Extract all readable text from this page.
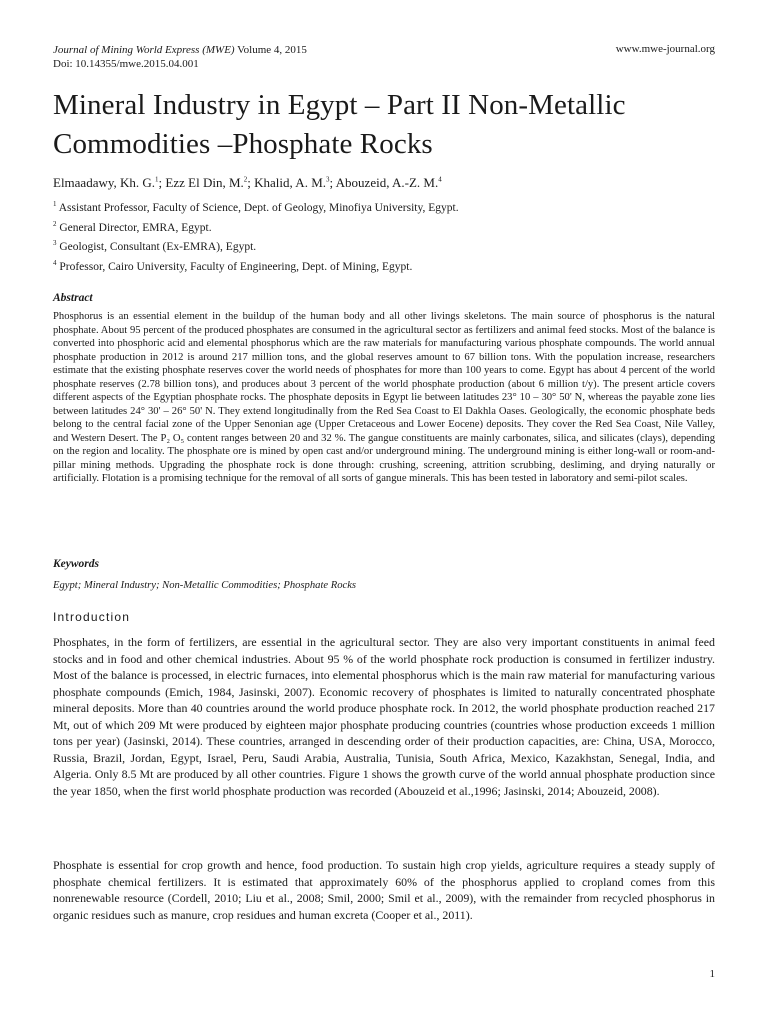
Journal of Mining World Express (MWE) Volume 4, 2015
Doi: 10.14355/mwe.2015.04.001
www.mwe-journal.org
Mineral Industry in Egypt – Part II Non-Metallic Commodities –Phosphate Rocks
Elmaadawy, Kh. G.$^1$; Ezz El Din, M.$^2$; Khalid, A. M.$^3$; Abouzeid, A.-Z. M.$^4$
$^1$ Assistant Professor, Faculty of Science, Dept. of Geology, Minofiya University, Egypt.
$^2$ General Director, EMRA, Egypt.
$^3$ Geologist, Consultant (Ex-EMRA), Egypt.
$^4$ Professor, Cairo University, Faculty of Engineering, Dept. of Mining, Egypt.
Abstract

Phosphorus is an essential element in the buildup of the human body and all other livings skeletons. The main source of phosphorus is the natural phosphate. About 95 percent of the produced phosphates are consumed in the agricultural sector as fertilizers and animal feed stocks. Most of the balance is converted into phosphoric acid and elemental phosphorus which are the raw materials for manufacturing various phosphate compounds. The world annual phosphate production in 2012 is around 217 million tons, and the global reserves amount to 67 billion tons. With the population increase, researchers estimate that the existing phosphate reserves cover the world needs of phosphates for more than 100 years to come. Egypt has about 4 percent of the world phosphate reserves (2.78 billion tons), and produces about 3 percent of the world phosphate production (about 6 million t/y). The present article covers different aspects of the Egyptian phosphate rocks. The phosphate deposits in Egypt lie between latitudes 23° 10 – 30° 50' N, whereas the payable zone lies between latitudes 24° 30' – 26° 50' N. They extend longitudinally from the Red Sea Coast to El Dakhla Oases. Geologically, the economic phosphate beds belong to the central facial zone of the Upper Senonian age (Upper Cretaceous and Lower Eocene) deposits. They cover the Red Sea Coast, Nile Valley, and Western Desert. The P₂ O₅ content ranges between 20 and 32 %. The gangue constituents are mainly carbonates, silica, and silicates (clays), depending on the region and locality. The phosphate ore is mined by open cast and/or underground mining. The underground mining is either long-wall or room-and-pillar mining methods. Upgrading the phosphate rock is done through: crushing, screening, attrition scrubbing, desliming, and drying naturally or artificially. Flotation is a promising technique for the removal of all sorts of gangue minerals. This has been tested in laboratory and semi-pilot scales.

Keywords
Egypt; Mineral Industry; Non-Metallic Commodities; Phosphate Rocks
Introduction

Phosphates, in the form of fertilizers, are essential in the agricultural sector. They are also very important constituents in animal feed stocks and in food and other chemical industries. About 95 % of the world phosphate rock production is consumed in fertilizer industry. Most of the balance is processed, in electric furnaces, into elemental phosphorus which is the main raw material for manufacturing various phosphate compounds (Emich, 1984, Jasinski, 2007). Economic recovery of phosphates is limited to naturally concentrated phosphate mineral deposits. More than 40 countries around the world produce phosphate rock. In 2012, the world phosphate production reached 217 Mt, out of which 209 Mt were produced by eighteen major phosphate producing countries (countries whose production exceeds 1 million tons per year) (Jasinski, 2014). These countries, arranged in descending order of their production capacities, are: China, USA, Morocco, Russia, Brazil, Jordan, Egypt, Israel, Peru, Saudi Arabia, Australia, Tunisia, South Africa, Mexico, Kazakhstan, Senegal, India, and Algeria. Only 8.5 Mt are produced by all other countries. Figure 1 shows the growth curve of the world annual phosphate production since the year 1850, when the first world phosphate production was recorded (Abouzeid et al.,1996; Jasinski, 2014; Abouzeid, 2008).

Phosphate is essential for crop growth and hence, food production. To sustain high crop yields, agriculture requires a steady supply of phosphate chemical fertilizers. It is estimated that approximately 60% of the phosphorus applied to cropland comes from this nonrenewable resource (Cordell, 2010; Liu et al., 2008; Smil, 2000; Smil et al., 2009), with the remainder from recycled phosphorus in organic residues such as manure, crop residues and human excreta (Cooper et al., 2011).

1
